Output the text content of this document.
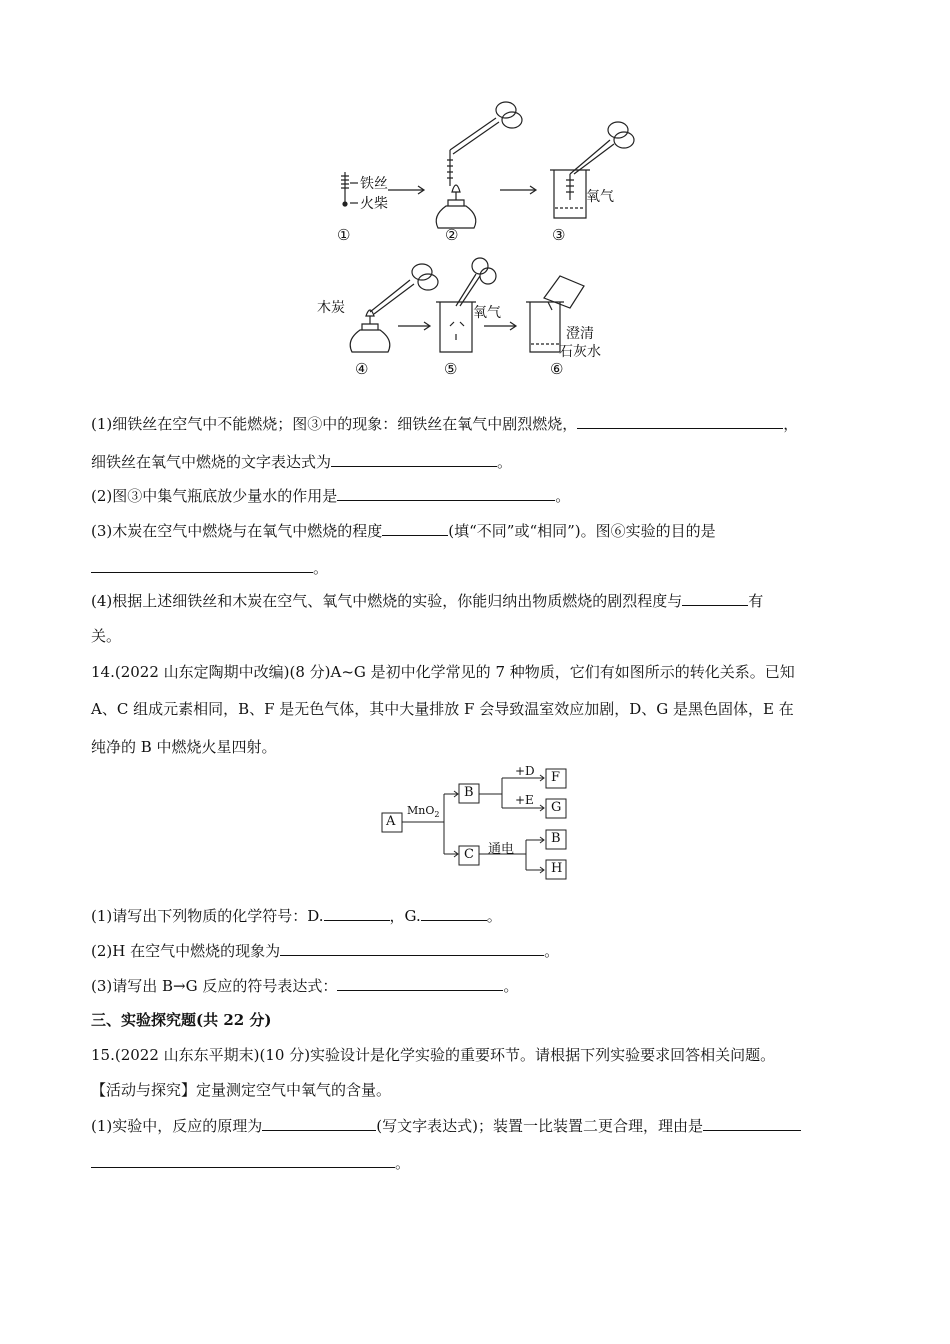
铁丝
火柴	氧气
①	②	③
木炭	氧气
澄清
石灰水
④	⑤	⑥
(1)细铁丝在空气中不能燃烧；图③中的现象：细铁丝在氧气中剧烈燃烧，	，
细铁丝在氧气中燃烧的文字表达式为	。
(2)图③中集气瓶底放少量水的作用是	。
(3)木炭在空气中燃烧与在氧气中燃烧的程度	(填“不同”或“相同”)。图⑥实验的目的是
。
(4)根据上述细铁丝和木炭在空气、氧气中燃烧的实验，你能归纳出物质燃烧的剧烈程度与	有
关。
14.(2022 山东定陶期中改编)(8 分)A~G 是初中化学常见的 7 种物质，它们有如图所示的转化关系。已知
A、C 组成元素相同，B、F 是无色气体，其中大量排放 F 会导致温室效应加剧，D、G 是黑色固体，E 在
纯净的 B 中燃烧火星四射。
A
B
C
F
G
B
H
MnO$_2$
+D
+E
通电
(1)请写出下列物质的化学符号：D.	，G.	。
(2)H 在空气中燃烧的现象为	。
(3)请写出 B→G 反应的符号表达式：	。
三、实验探究题(共 22 分)
15.(2022 山东东平期末)(10 分)实验设计是化学实验的重要环节。请根据下列实验要求回答相关问题。
【活动与探究】定量测定空气中氧气的含量。
(1)实验中，反应的原理为	(写文字表达式)；装置一比装置二更合理，理由是
。
